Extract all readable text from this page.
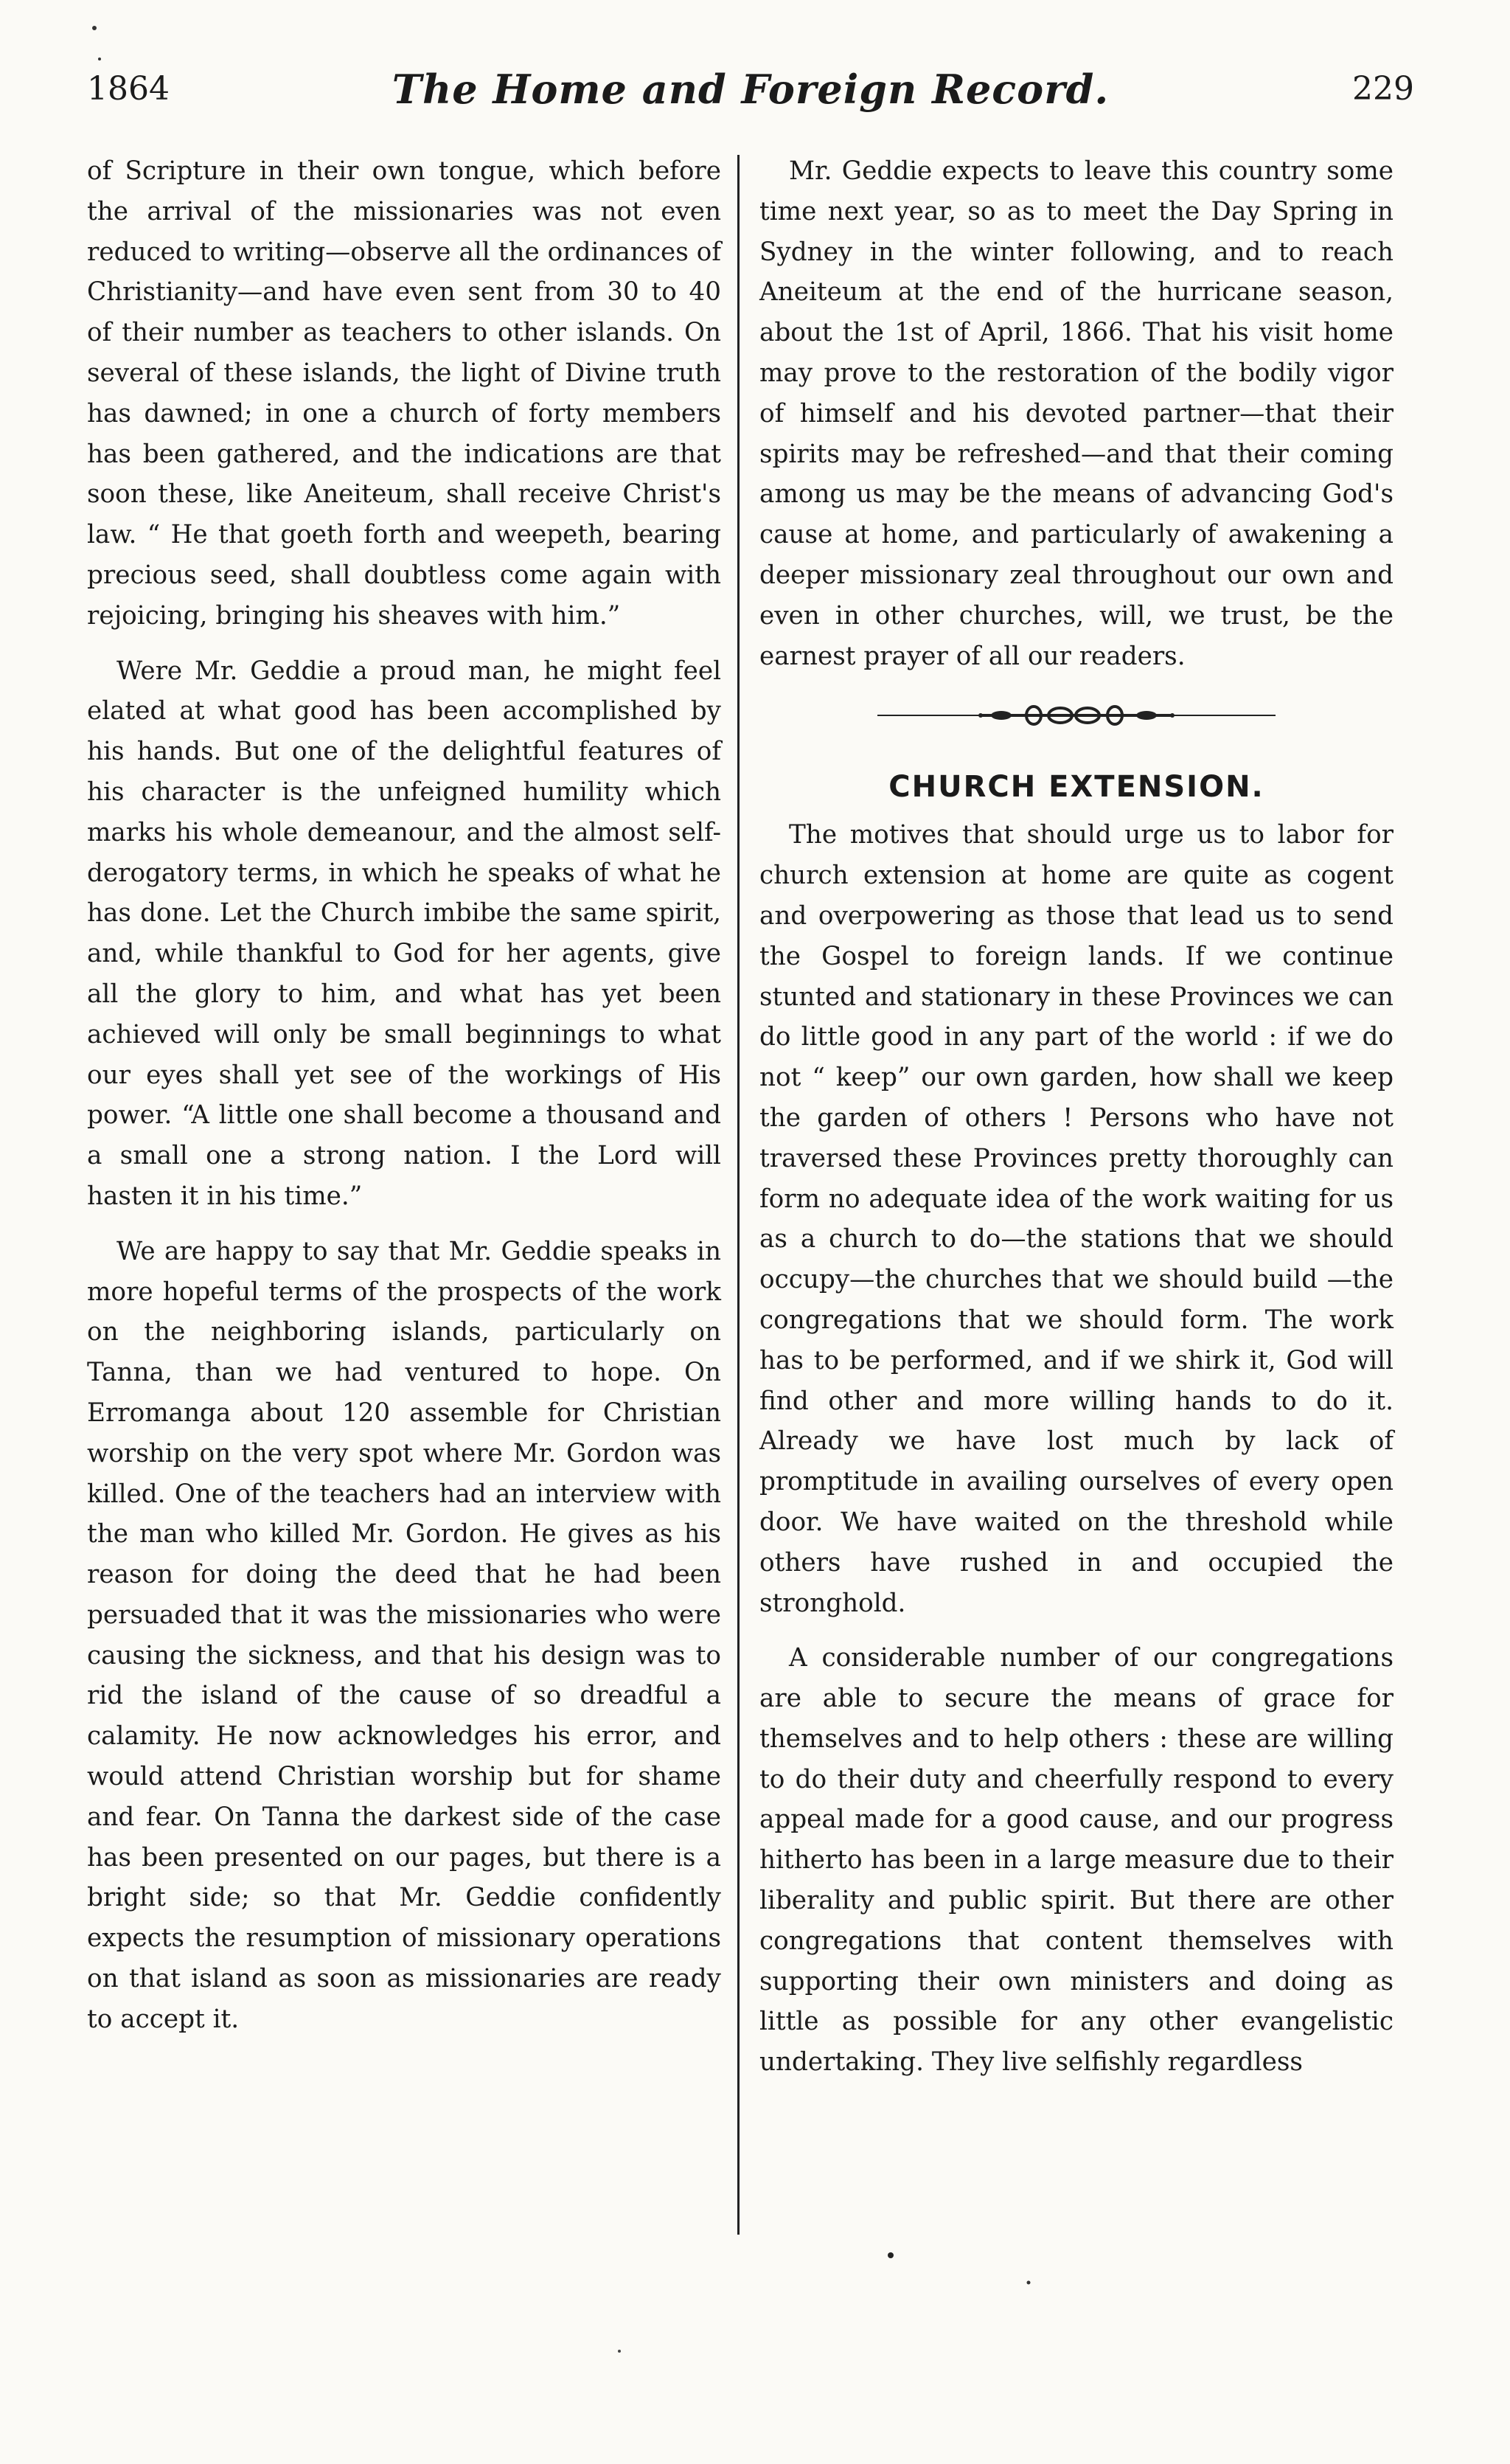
1864	The Home and Foreign Record.	229

of Scripture in their own tongue, which before the arrival of the missionaries was not even reduced to writing—observe all the ordinances of Christianity—and have even sent from 30 to 40 of their number as teachers to other islands. On several of these islands, the light of Divine truth has dawned; in one a church of forty members has been gathered, and the indications are that soon these, like Aneiteum, shall receive Christ's law. “ He that goeth forth and weepeth, bearing precious seed, shall doubtless come again with rejoicing, bringing his sheaves with him.”

Were Mr. Geddie a proud man, he might feel elated at what good has been accomplished by his hands. But one of the delightful features of his character is the unfeigned humility which marks his whole demeanour, and the almost self-derogatory terms, in which he speaks of what he has done. Let the Church imbibe the same spirit, and, while thankful to God for her agents, give all the glory to him, and what has yet been achieved will only be small beginnings to what our eyes shall yet see of the workings of His power. “A little one shall become a thousand and a small one a strong nation. I the Lord will hasten it in his time.”

We are happy to say that Mr. Geddie speaks in more hopeful terms of the prospects of the work on the neighboring islands, particularly on Tanna, than we had ventured to hope. On Erromanga about 120 assemble for Christian worship on the very spot where Mr. Gordon was killed. One of the teachers had an interview with the man who killed Mr. Gordon. He gives as his reason for doing the deed that he had been persuaded that it was the missionaries who were causing the sickness, and that his design was to rid the island of the cause of so dreadful a calamity. He now acknowledges his error, and would attend Christian worship but for shame and fear. On Tanna the darkest side of the case has been presented on our pages, but there is a bright side; so that Mr. Geddie confidently expects the resumption of missionary operations on that island as soon as missionaries are ready to accept it.

Mr. Geddie expects to leave this country some time next year, so as to meet the Day Spring in Sydney in the winter following, and to reach Aneiteum at the end of the hurricane season, about the 1st of April, 1866. That his visit home may prove to the restoration of the bodily vigor of himself and his devoted partner—that their spirits may be refreshed—and that their coming among us may be the means of advancing God's cause at home, and particularly of awakening a deeper missionary zeal throughout our own and even in other churches, will, we trust, be the earnest prayer of all our readers.

CHURCH EXTENSION.

The motives that should urge us to labor for church extension at home are quite as cogent and overpowering as those that lead us to send the Gospel to foreign lands. If we continue stunted and stationary in these Provinces we can do little good in any part of the world : if we do not “ keep” our own garden, how shall we keep the garden of others ! Persons who have not traversed these Provinces pretty thoroughly can form no adequate idea of the work waiting for us as a church to do—the stations that we should occupy—the churches that we should build —the congregations that we should form. The work has to be performed, and if we shirk it, God will find other and more willing hands to do it. Already we have lost much by lack of promptitude in availing ourselves of every open door. We have waited on the threshold while others have rushed in and occupied the stronghold.

A considerable number of our congregations are able to secure the means of grace for themselves and to help others : these are willing to do their duty and cheerfully respond to every appeal made for a good cause, and our progress hitherto has been in a large measure due to their liberality and public spirit. But there are other congregations that content themselves with supporting their own ministers and doing as little as possible for any other evangelistic undertaking. They live selfishly regardless
